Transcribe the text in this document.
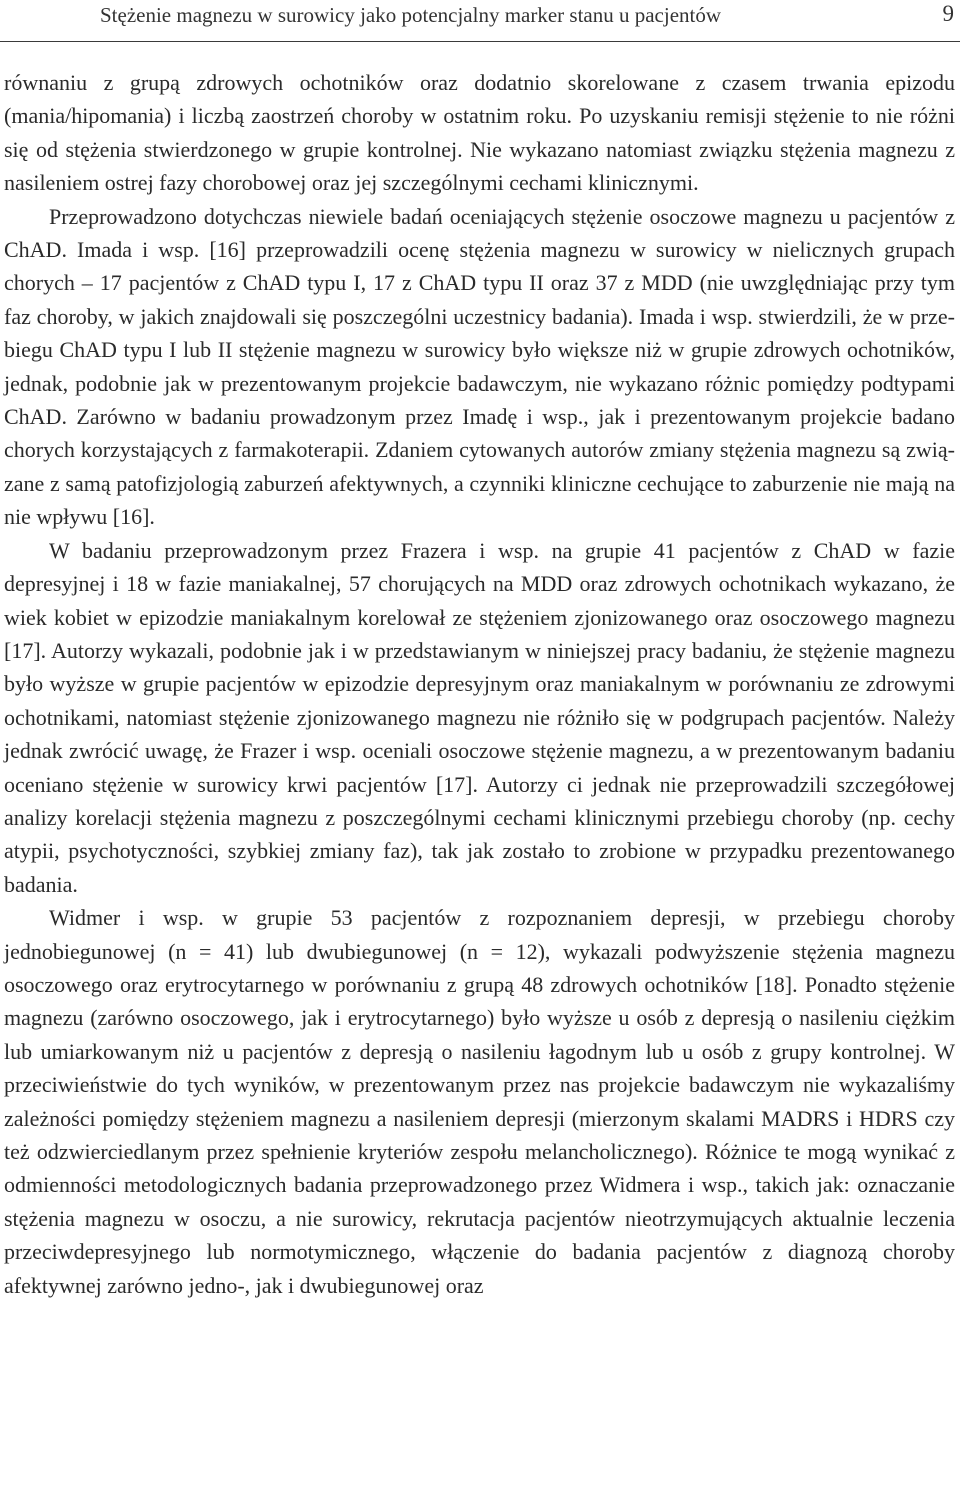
Stężenie magnezu w surowicy jako potencjalny marker stanu u pacjentów	9

równaniu z grupą zdrowych ochotników oraz dodatnio skorelowane z czasem trwania epizodu (mania/hipomania) i liczbą zaostrzeń choroby w ostatnim roku. Po uzyskaniu remisji stężenie to nie różni się od stężenia stwierdzonego w grupie kontrolnej. Nie wykazano natomiast związku stężenia magnezu z nasileniem ostrej fazy chorobowej oraz jej szczególnymi cechami klinicznymi.

Przeprowadzono dotychczas niewiele badań oceniających stężenie osoczowe magnezu u pacjentów z ChAD. Imada i wsp. [16] przeprowadzili ocenę stężenia magnezu w surowicy w nielicznych grupach chorych – 17 pacjentów z ChAD typu I, 17 z ChAD typu II oraz 37 z MDD (nie uwzględniając przy tym faz choroby, w jakich znajdowali się poszczególni uczestnicy badania). Imada i wsp. stwierdzili, że w przebiegu ChAD typu I lub II stężenie magnezu w surowicy było większe niż w grupie zdrowych ochotników, jednak, podobnie jak w prezentowanym projekcie badawczym, nie wykazano różnic pomiędzy podtypami ChAD. Zarówno w badaniu prowadzonym przez Imadę i wsp., jak i prezentowanym projekcie badano chorych korzystających z farmakoterapii. Zdaniem cytowanych autorów zmiany stężenia magnezu są związane z samą patofizjologią zaburzeń afektywnych, a czynniki kliniczne cechujące to zaburzenie nie mają na nie wpływu [16].

W badaniu przeprowadzonym przez Frazera i wsp. na grupie 41 pacjentów z ChAD w fazie depresyjnej i 18 w fazie maniakalnej, 57 chorujących na MDD oraz zdrowych ochotnikach wykazano, że wiek kobiet w epizodzie maniakalnym korelował ze stężeniem zjonizowanego oraz osoczowego magnezu [17]. Autorzy wykazali, podobnie jak i w przedstawianym w niniejszej pracy badaniu, że stężenie magnezu było wyższe w grupie pacjentów w epizodzie depresyjnym oraz maniakalnym w porównaniu ze zdrowymi ochotnikami, natomiast stężenie zjonizowanego magnezu nie różniło się w podgrupach pacjentów. Należy jednak zwrócić uwagę, że Frazer i wsp. oceniali osoczowe stężenie magnezu, a w prezentowanym badaniu oceniano stężenie w surowicy krwi pacjentów [17]. Autorzy ci jednak nie przeprowadzili szczegółowej analizy korelacji stężenia magnezu z poszczególnymi cechami klinicznymi przebiegu choroby (np. cechy atypii, psychotyczności, szybkiej zmiany faz), tak jak zostało to zrobione w przypadku prezentowanego badania.

Widmer i wsp. w grupie 53 pacjentów z rozpoznaniem depresji, w przebiegu choroby jednobiegunowej (n = 41) lub dwubiegunowej (n = 12), wykazali podwyższenie stężenia magnezu osoczowego oraz erytrocytarnego w porównaniu z grupą 48 zdrowych ochotników [18]. Ponadto stężenie magnezu (zarówno osoczowego, jak i erytrocytarnego) było wyższe u osób z depresją o nasileniu ciężkim lub umiarkowanym niż u pacjentów z depresją o nasileniu łagodnym lub u osób z grupy kontrolnej. W przeciwieństwie do tych wyników, w prezentowanym przez nas projekcie badawczym nie wykazaliśmy zależności pomiędzy stężeniem magnezu a nasileniem depresji (mierzonym skalami MADRS i HDRS czy też odzwierciedlanym przez spełnienie kryteriów zespołu melancholicznego). Różnice te mogą wynikać z odmienności metodologicznych badania przeprowadzonego przez Widmera i wsp., takich jak: oznaczanie stężenia magnezu w osoczu, a nie surowicy, rekrutacja pacjentów nieotrzymujących aktualnie leczenia przeciwdepresyjnego lub normotymicznego, włączenie do badania pacjentów z diagnozą choroby afektywnej zarówno jedno-, jak i dwubiegunowej oraz
